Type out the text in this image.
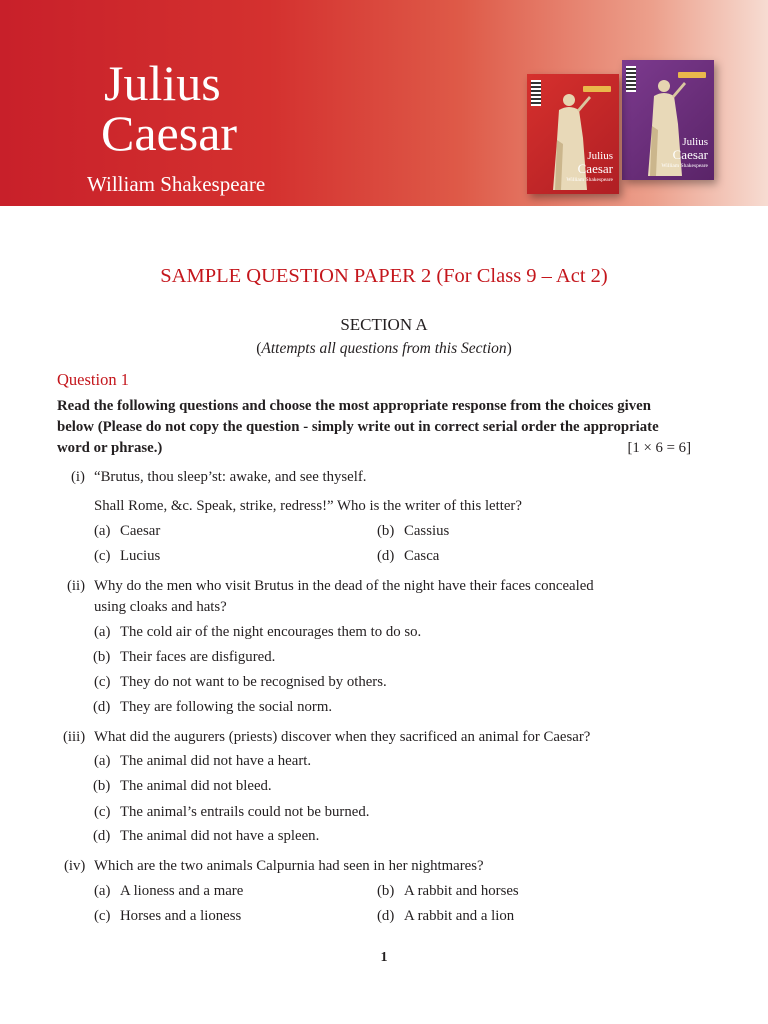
Julius
Caesar
William Shakespeare
Julius
Caesar
William Shakespeare
Julius
Caesar
William Shakespeare
SAMPLE QUESTION PAPER 2 (For Class 9 – Act 2)
SECTION A
(Attempts all questions from this Section)
Question 1
Read the following questions and choose the most appropriate response from the choices given below (Please do not copy the question - simply write out in correct serial order the appropriate word or phrase.)	[1 × 6 = 6]
(i) “Brutus, thou sleep’st: awake, and see thyself.
Shall Rome, &c. Speak, strike, redress!” Who is the writer of this letter?
(a) Caesar	(b) Cassius
(c) Lucius	(d) Casca
(ii) Why do the men who visit Brutus in the dead of the night have their faces concealed
using cloaks and hats?
(a) The cold air of the night encourages them to do so.
(b) Their faces are disfigured.
(c) They do not want to be recognised by others.
(d) They are following the social norm.
(iii) What did the augurers (priests) discover when they sacrificed an animal for Caesar?
(a) The animal did not have a heart.
(b) The animal did not bleed.
(c) The animal’s entrails could not be burned.
(d) The animal did not have a spleen.
(iv) Which are the two animals Calpurnia had seen in her nightmares?
(a) A lioness and a mare	(b) A rabbit and horses
(c) Horses and a lioness	(d) A rabbit and a lion
1
